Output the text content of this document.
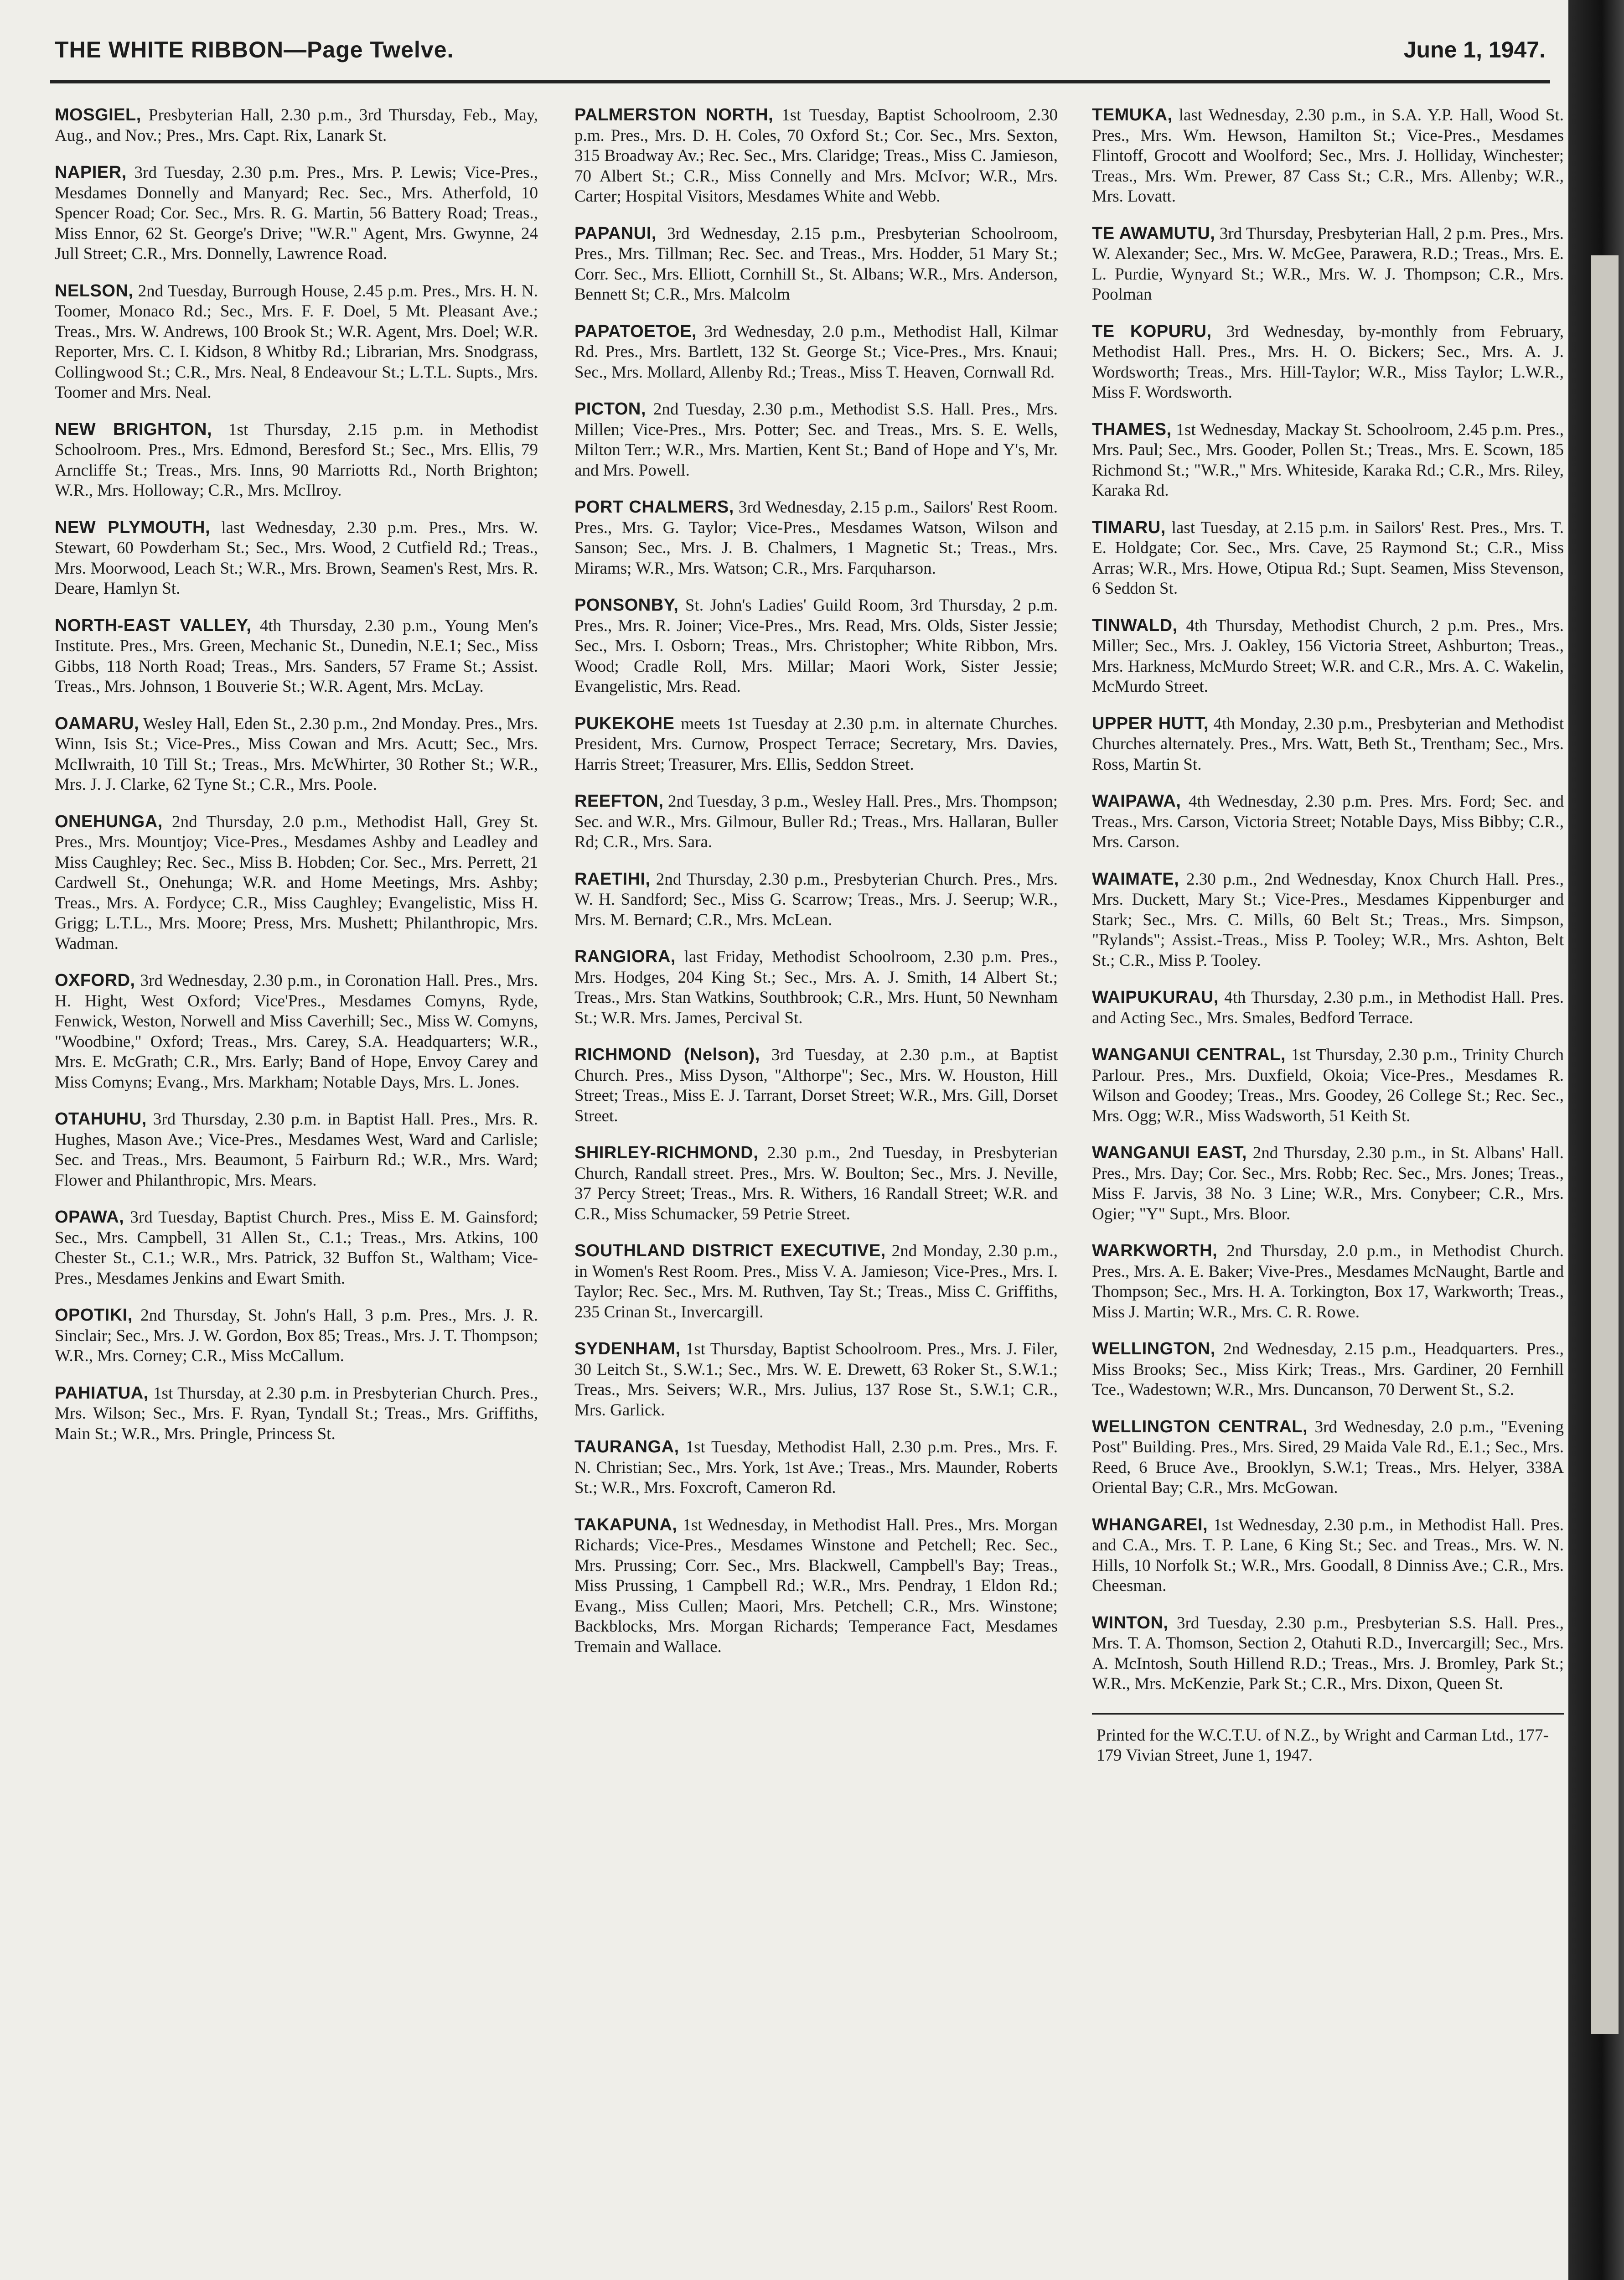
THE WHITE RIBBON—Page Twelve.	June 1, 1947.

MOSGIEL, Presbyterian Hall, 2.30 p.m., 3rd Thursday, Feb., May, Aug., and Nov.; Pres., Mrs. Capt. Rix, Lanark St.

NAPIER, 3rd Tuesday, 2.30 p.m. Pres., Mrs. P. Lewis; Vice-Pres., Mesdames Donnelly and Manyard; Rec. Sec., Mrs. Atherfold, 10 Spencer Road; Cor. Sec., Mrs. R. G. Martin, 56 Battery Road; Treas., Miss Ennor, 62 St. George's Drive; "W.R." Agent, Mrs. Gwynne, 24 Jull Street; C.R., Mrs. Donnelly, Lawrence Road.

NELSON, 2nd Tuesday, Burrough House, 2.45 p.m. Pres., Mrs. H. N. Toomer, Monaco Rd.; Sec., Mrs. F. F. Doel, 5 Mt. Pleasant Ave.; Treas., Mrs. W. Andrews, 100 Brook St.; W.R. Agent, Mrs. Doel; W.R. Reporter, Mrs. C. I. Kidson, 8 Whitby Rd.; Librarian, Mrs. Snodgrass, Collingwood St.; C.R., Mrs. Neal, 8 Endeavour St.; L.T.L. Supts., Mrs. Toomer and Mrs. Neal.

NEW BRIGHTON, 1st Thursday, 2.15 p.m. in Methodist Schoolroom. Pres., Mrs. Edmond, Beresford St.; Sec., Mrs. Ellis, 79 Arncliffe St.; Treas., Mrs. Inns, 90 Marriotts Rd., North Brighton; W.R., Mrs. Holloway; C.R., Mrs. McIlroy.

NEW PLYMOUTH, last Wednesday, 2.30 p.m. Pres., Mrs. W. Stewart, 60 Powderham St.; Sec., Mrs. Wood, 2 Cutfield Rd.; Treas., Mrs. Moorwood, Leach St.; W.R., Mrs. Brown, Seamen's Rest, Mrs. R. Deare, Hamlyn St.

NORTH-EAST VALLEY, 4th Thursday, 2.30 p.m., Young Men's Institute. Pres., Mrs. Green, Mechanic St., Dunedin, N.E.1; Sec., Miss Gibbs, 118 North Road; Treas., Mrs. Sanders, 57 Frame St.; Assist. Treas., Mrs. Johnson, 1 Bouverie St.; W.R. Agent, Mrs. McLay.

OAMARU, Wesley Hall, Eden St., 2.30 p.m., 2nd Monday. Pres., Mrs. Winn, Isis St.; Vice-Pres., Miss Cowan and Mrs. Acutt; Sec., Mrs. McIlwraith, 10 Till St.; Treas., Mrs. McWhirter, 30 Rother St.; W.R., Mrs. J. J. Clarke, 62 Tyne St.; C.R., Mrs. Poole.

ONEHUNGA, 2nd Thursday, 2.0 p.m., Methodist Hall, Grey St. Pres., Mrs. Mountjoy; Vice-Pres., Mesdames Ashby and Leadley and Miss Caughley; Rec. Sec., Miss B. Hobden; Cor. Sec., Mrs. Perrett, 21 Cardwell St., Onehunga; W.R. and Home Meetings, Mrs. Ashby; Treas., Mrs. A. Fordyce; C.R., Miss Caughley; Evangelistic, Miss H. Grigg; L.T.L., Mrs. Moore; Press, Mrs. Mushett; Philanthropic, Mrs. Wadman.

OXFORD, 3rd Wednesday, 2.30 p.m., in Coronation Hall. Pres., Mrs. H. Hight, West Oxford; Vice'Pres., Mesdames Comyns, Ryde, Fenwick, Weston, Norwell and Miss Caverhill; Sec., Miss W. Comyns, "Woodbine," Oxford; Treas., Mrs. Carey, S.A. Headquarters; W.R., Mrs. E. McGrath; C.R., Mrs. Early; Band of Hope, Envoy Carey and Miss Comyns; Evang., Mrs. Markham; Notable Days, Mrs. L. Jones.

OTAHUHU, 3rd Thursday, 2.30 p.m. in Baptist Hall. Pres., Mrs. R. Hughes, Mason Ave.; Vice-Pres., Mesdames West, Ward and Carlisle; Sec. and Treas., Mrs. Beaumont, 5 Fairburn Rd.; W.R., Mrs. Ward; Flower and Philanthropic, Mrs. Mears.

OPAWA, 3rd Tuesday, Baptist Church. Pres., Miss E. M. Gainsford; Sec., Mrs. Campbell, 31 Allen St., C.1.; Treas., Mrs. Atkins, 100 Chester St., C.1.; W.R., Mrs. Patrick, 32 Buffon St., Waltham; Vice-Pres., Mesdames Jenkins and Ewart Smith.

OPOTIKI, 2nd Thursday, St. John's Hall, 3 p.m. Pres., Mrs. J. R. Sinclair; Sec., Mrs. J. W. Gordon, Box 85; Treas., Mrs. J. T. Thompson; W.R., Mrs. Corney; C.R., Miss McCallum.

PAHIATUA, 1st Thursday, at 2.30 p.m. in Presbyterian Church. Pres., Mrs. Wilson; Sec., Mrs. F. Ryan, Tyndall St.; Treas., Mrs. Griffiths, Main St.; W.R., Mrs. Pringle, Princess St.

PALMERSTON NORTH, 1st Tuesday, Baptist Schoolroom, 2.30 p.m. Pres., Mrs. D. H. Coles, 70 Oxford St.; Cor. Sec., Mrs. Sexton, 315 Broadway Av.; Rec. Sec., Mrs. Claridge; Treas., Miss C. Jamieson, 70 Albert St.; C.R., Miss Connelly and Mrs. McIvor; W.R., Mrs. Carter; Hospital Visitors, Mesdames White and Webb.

PAPANUI, 3rd Wednesday, 2.15 p.m., Presbyterian Schoolroom, Pres., Mrs. Tillman; Rec. Sec. and Treas., Mrs. Hodder, 51 Mary St.; Corr. Sec., Mrs. Elliott, Cornhill St., St. Albans; W.R., Mrs. Anderson, Bennett St; C.R., Mrs. Malcolm

PAPATOETOE, 3rd Wednesday, 2.0 p.m., Methodist Hall, Kilmar Rd. Pres., Mrs. Bartlett, 132 St. George St.; Vice-Pres., Mrs. Knaui; Sec., Mrs. Mollard, Allenby Rd.; Treas., Miss T. Heaven, Cornwall Rd.

PICTON, 2nd Tuesday, 2.30 p.m., Methodist S.S. Hall. Pres., Mrs. Millen; Vice-Pres., Mrs. Potter; Sec. and Treas., Mrs. S. E. Wells, Milton Terr.; W.R., Mrs. Martien, Kent St.; Band of Hope and Y's, Mr. and Mrs. Powell.

PORT CHALMERS, 3rd Wednesday, 2.15 p.m., Sailors' Rest Room. Pres., Mrs. G. Taylor; Vice-Pres., Mesdames Watson, Wilson and Sanson; Sec., Mrs. J. B. Chalmers, 1 Magnetic St.; Treas., Mrs. Mirams; W.R., Mrs. Watson; C.R., Mrs. Farquharson.

PONSONBY, St. John's Ladies' Guild Room, 3rd Thursday, 2 p.m. Pres., Mrs. R. Joiner; Vice-Pres., Mrs. Read, Mrs. Olds, Sister Jessie; Sec., Mrs. I. Osborn; Treas., Mrs. Christopher; White Ribbon, Mrs. Wood; Cradle Roll, Mrs. Millar; Maori Work, Sister Jessie; Evangelistic, Mrs. Read.

PUKEKOHE meets 1st Tuesday at 2.30 p.m. in alternate Churches. President, Mrs. Curnow, Prospect Terrace; Secretary, Mrs. Davies, Harris Street; Treasurer, Mrs. Ellis, Seddon Street.

REEFTON, 2nd Tuesday, 3 p.m., Wesley Hall. Pres., Mrs. Thompson; Sec. and W.R., Mrs. Gilmour, Buller Rd.; Treas., Mrs. Hallaran, Buller Rd; C.R., Mrs. Sara.

RAETIHI, 2nd Thursday, 2.30 p.m., Presbyterian Church. Pres., Mrs. W. H. Sandford; Sec., Miss G. Scarrow; Treas., Mrs. J. Seerup; W.R., Mrs. M. Bernard; C.R., Mrs. McLean.

RANGIORA, last Friday, Methodist Schoolroom, 2.30 p.m. Pres., Mrs. Hodges, 204 King St.; Sec., Mrs. A. J. Smith, 14 Albert St.; Treas., Mrs. Stan Watkins, Southbrook; C.R., Mrs. Hunt, 50 Newnham St.; W.R. Mrs. James, Percival St.

RICHMOND (Nelson), 3rd Tuesday, at 2.30 p.m., at Baptist Church. Pres., Miss Dyson, "Althorpe"; Sec., Mrs. W. Houston, Hill Street; Treas., Miss E. J. Tarrant, Dorset Street; W.R., Mrs. Gill, Dorset Street.

SHIRLEY-RICHMOND, 2.30 p.m., 2nd Tuesday, in Presbyterian Church, Randall street. Pres., Mrs. W. Boulton; Sec., Mrs. J. Neville, 37 Percy Street; Treas., Mrs. R. Withers, 16 Randall Street; W.R. and C.R., Miss Schumacker, 59 Petrie Street.

SOUTHLAND DISTRICT EXECUTIVE, 2nd Monday, 2.30 p.m., in Women's Rest Room. Pres., Miss V. A. Jamieson; Vice-Pres., Mrs. I. Taylor; Rec. Sec., Mrs. M. Ruthven, Tay St.; Treas., Miss C. Griffiths, 235 Crinan St., Invercargill.

SYDENHAM, 1st Thursday, Baptist Schoolroom. Pres., Mrs. J. Filer, 30 Leitch St., S.W.1.; Sec., Mrs. W. E. Drewett, 63 Roker St., S.W.1.; Treas., Mrs. Seivers; W.R., Mrs. Julius, 137 Rose St., S.W.1; C.R., Mrs. Garlick.

TAURANGA, 1st Tuesday, Methodist Hall, 2.30 p.m. Pres., Mrs. F. N. Christian; Sec., Mrs. York, 1st Ave.; Treas., Mrs. Maunder, Roberts St.; W.R., Mrs. Foxcroft, Cameron Rd.

TAKAPUNA, 1st Wednesday, in Methodist Hall. Pres., Mrs. Morgan Richards; Vice-Pres., Mesdames Winstone and Petchell; Rec. Sec., Mrs. Prussing; Corr. Sec., Mrs. Blackwell, Campbell's Bay; Treas., Miss Prussing, 1 Campbell Rd.; W.R., Mrs. Pendray, 1 Eldon Rd.; Evang., Miss Cullen; Maori, Mrs. Petchell; C.R., Mrs. Winstone; Backblocks, Mrs. Morgan Richards; Temperance Fact, Mesdames Tremain and Wallace.

TEMUKA, last Wednesday, 2.30 p.m., in S.A. Y.P. Hall, Wood St. Pres., Mrs. Wm. Hewson, Hamilton St.; Vice-Pres., Mesdames Flintoff, Grocott and Woolford; Sec., Mrs. J. Holliday, Winchester; Treas., Mrs. Wm. Prewer, 87 Cass St.; C.R., Mrs. Allenby; W.R., Mrs. Lovatt.

TE AWAMUTU, 3rd Thursday, Presbyterian Hall, 2 p.m. Pres., Mrs. W. Alexander; Sec., Mrs. W. McGee, Parawera, R.D.; Treas., Mrs. E. L. Purdie, Wynyard St.; W.R., Mrs. W. J. Thompson; C.R., Mrs. Poolman

TE KOPURU, 3rd Wednesday, by-monthly from February, Methodist Hall. Pres., Mrs. H. O. Bickers; Sec., Mrs. A. J. Wordsworth; Treas., Mrs. Hill-Taylor; W.R., Miss Taylor; L.W.R., Miss F. Wordsworth.

THAMES, 1st Wednesday, Mackay St. Schoolroom, 2.45 p.m. Pres., Mrs. Paul; Sec., Mrs. Gooder, Pollen St.; Treas., Mrs. E. Scown, 185 Richmond St.; "W.R.," Mrs. Whiteside, Karaka Rd.; C.R., Mrs. Riley, Karaka Rd.

TIMARU, last Tuesday, at 2.15 p.m. in Sailors' Rest. Pres., Mrs. T. E. Holdgate; Cor. Sec., Mrs. Cave, 25 Raymond St.; C.R., Miss Arras; W.R., Mrs. Howe, Otipua Rd.; Supt. Seamen, Miss Stevenson, 6 Seddon St.

TINWALD, 4th Thursday, Methodist Church, 2 p.m. Pres., Mrs. Miller; Sec., Mrs. J. Oakley, 156 Victoria Street, Ashburton; Treas., Mrs. Harkness, McMurdo Street; W.R. and C.R., Mrs. A. C. Wakelin, McMurdo Street.

UPPER HUTT, 4th Monday, 2.30 p.m., Presbyterian and Methodist Churches alternately. Pres., Mrs. Watt, Beth St., Trentham; Sec., Mrs. Ross, Martin St.

WAIPAWA, 4th Wednesday, 2.30 p.m. Pres. Mrs. Ford; Sec. and Treas., Mrs. Carson, Victoria Street; Notable Days, Miss Bibby; C.R., Mrs. Carson.

WAIMATE, 2.30 p.m., 2nd Wednesday, Knox Church Hall. Pres., Mrs. Duckett, Mary St.; Vice-Pres., Mesdames Kippenburger and Stark; Sec., Mrs. C. Mills, 60 Belt St.; Treas., Mrs. Simpson, "Rylands"; Assist.-Treas., Miss P. Tooley; W.R., Mrs. Ashton, Belt St.; C.R., Miss P. Tooley.

WAIPUKURAU, 4th Thursday, 2.30 p.m., in Methodist Hall. Pres. and Acting Sec., Mrs. Smales, Bedford Terrace.

WANGANUI CENTRAL, 1st Thursday, 2.30 p.m., Trinity Church Parlour. Pres., Mrs. Duxfield, Okoia; Vice-Pres., Mesdames R. Wilson and Goodey; Treas., Mrs. Goodey, 26 College St.; Rec. Sec., Mrs. Ogg; W.R., Miss Wadsworth, 51 Keith St.

WANGANUI EAST, 2nd Thursday, 2.30 p.m., in St. Albans' Hall. Pres., Mrs. Day; Cor. Sec., Mrs. Robb; Rec. Sec., Mrs. Jones; Treas., Miss F. Jarvis, 38 No. 3 Line; W.R., Mrs. Conybeer; C.R., Mrs. Ogier; "Y" Supt., Mrs. Bloor.

WARKWORTH, 2nd Thursday, 2.0 p.m., in Methodist Church. Pres., Mrs. A. E. Baker; Vive-Pres., Mesdames McNaught, Bartle and Thompson; Sec., Mrs. H. A. Torkington, Box 17, Warkworth; Treas., Miss J. Martin; W.R., Mrs. C. R. Rowe.

WELLINGTON, 2nd Wednesday, 2.15 p.m., Headquarters. Pres., Miss Brooks; Sec., Miss Kirk; Treas., Mrs. Gardiner, 20 Fernhill Tce., Wadestown; W.R., Mrs. Duncanson, 70 Derwent St., S.2.

WELLINGTON CENTRAL, 3rd Wednesday, 2.0 p.m., "Evening Post" Building. Pres., Mrs. Sired, 29 Maida Vale Rd., E.1.; Sec., Mrs. Reed, 6 Bruce Ave., Brooklyn, S.W.1; Treas., Mrs. Helyer, 338A Oriental Bay; C.R., Mrs. McGowan.

WHANGAREI, 1st Wednesday, 2.30 p.m., in Methodist Hall. Pres. and C.A., Mrs. T. P. Lane, 6 King St.; Sec. and Treas., Mrs. W. N. Hills, 10 Norfolk St.; W.R., Mrs. Goodall, 8 Dinniss Ave.; C.R., Mrs. Cheesman.

WINTON, 3rd Tuesday, 2.30 p.m., Presbyterian S.S. Hall. Pres., Mrs. T. A. Thomson, Section 2, Otahuti R.D., Invercargill; Sec., Mrs. A. McIntosh, South Hillend R.D.; Treas., Mrs. J. Bromley, Park St.; W.R., Mrs. McKenzie, Park St.; C.R., Mrs. Dixon, Queen St.

Printed for the W.C.T.U. of N.Z., by Wright and Carman Ltd., 177-179 Vivian Street, June 1, 1947.
